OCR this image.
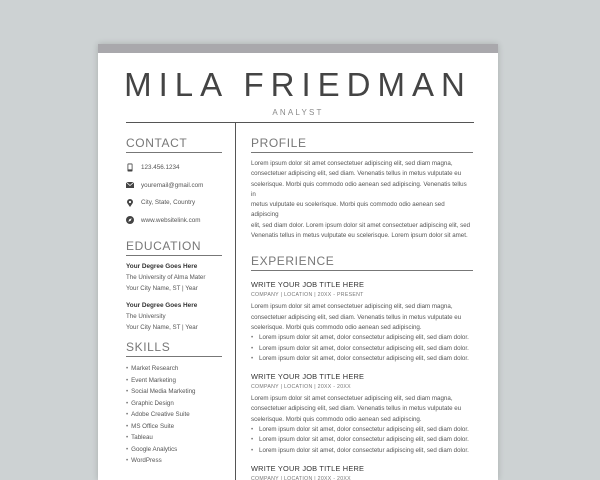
MILA FRIEDMAN
ANALYST
CONTACT
123.456.1234
youremail@gmail.com
City, State, Country
www.websitelink.com
EDUCATION
Your Degree Goes Here
The University of Alma Mater
Your City Name, ST | Year
Your Degree Goes Here
The University
Your City Name, ST | Year
SKILLS
• Market Research
• Event Marketing
• Social Media Marketing
• Graphic Design
• Adobe Creative Suite
• MS Office Suite
• Tableau
• Google Analytics
• WordPress
PROFILE
Lorem ipsum dolor sit amet consectetuer adipiscing elit, sed diam magna,
consectetuer adipiscing elit, sed diam. Venenatis tellus in metus vulputate eu
scelerisque. Morbi quis commodo odio aenean sed adipiscing. Venenatis tellus in
metus vulputate eu scelerisque. Morbi quis commodo odio aenean sed adipiscing
elit, sed diam dolor. Lorem ipsum dolor sit amet consectetuer adipiscing elit, sed
Venenatis tellus in metus vulputate eu scelerisque. Lorem ipsum dolor sit amet.
EXPERIENCE
WRITE YOUR JOB TITLE HERE
COMPANY | LOCATION | 20XX - PRESENT
Lorem ipsum dolor sit amet consectetuer adipiscing elit, sed diam magna,
consectetuer adipiscing elit, sed diam. Venenatis tellus in metus vulputate eu
scelerisque. Morbi quis commodo odio aenean sed adipiscing.
• Lorem ipsum dolor sit amet, dolor consectetur adipiscing elit, sed diam dolor.
• Lorem ipsum dolor sit amet, dolor consectetur adipiscing elit, sed diam dolor.
• Lorem ipsum dolor sit amet, dolor consectetur adipiscing elit, sed diam dolor.
WRITE YOUR JOB TITLE HERE
COMPANY | LOCATION | 20XX - 20XX
Lorem ipsum dolor sit amet consectetuer adipiscing elit, sed diam magna,
consectetuer adipiscing elit, sed diam. Venenatis tellus in metus vulputate eu
scelerisque. Morbi quis commodo odio aenean sed adipiscing.
• Lorem ipsum dolor sit amet, dolor consectetur adipiscing elit, sed diam dolor.
• Lorem ipsum dolor sit amet, dolor consectetur adipiscing elit, sed diam dolor.
• Lorem ipsum dolor sit amet, dolor consectetur adipiscing elit, sed diam dolor.
WRITE YOUR JOB TITLE HERE
COMPANY | LOCATION | 20XX - 20XX
